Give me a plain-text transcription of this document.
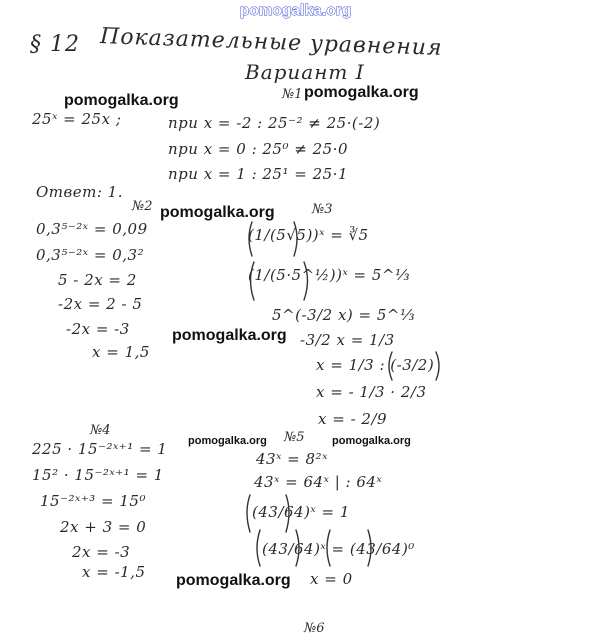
pomogalka.org
§ 12 Показательные уравнения
Вариант I
№1
25ˣ = 25x ;	при x = -2 : 25⁻² ≠ 25·(-2)
при x = 0 : 25⁰ ≠ 25·0
при x = 1 : 25¹ = 25·1
Ответ: 1.
№2
0,3⁵⁻²ˣ = 0,09
0,3⁵⁻²ˣ = 0,3²
5 - 2x = 2
-2x = 2 - 5
-2x = -3
x = 1,5
№3
(1/(5√5))ˣ = ∛5
(1/(5·5^½))ˣ = 5^⅓
5^(-3/2 x) = 5^⅓
-3/2 x = 1/3
x = 1/3 : (-3/2)
x = - 1/3 · 2/3
x = - 2/9
№4
225 · 15⁻²ˣ⁺¹ = 1
15² · 15⁻²ˣ⁺¹ = 1
15⁻²ˣ⁺³ = 15⁰
2x + 3 = 0
2x = -3
x = -1,5
№5
43ˣ = 8²ˣ
43ˣ = 64ˣ | : 64ˣ
(43/64)ˣ = 1
(43/64)ˣ = (43/64)⁰
x = 0
№6
pomogalka.org	pomogalka.org
pomogalka.org
pomogalka.org
pomogalka.org	pomogalka.org
pomogalka.org
